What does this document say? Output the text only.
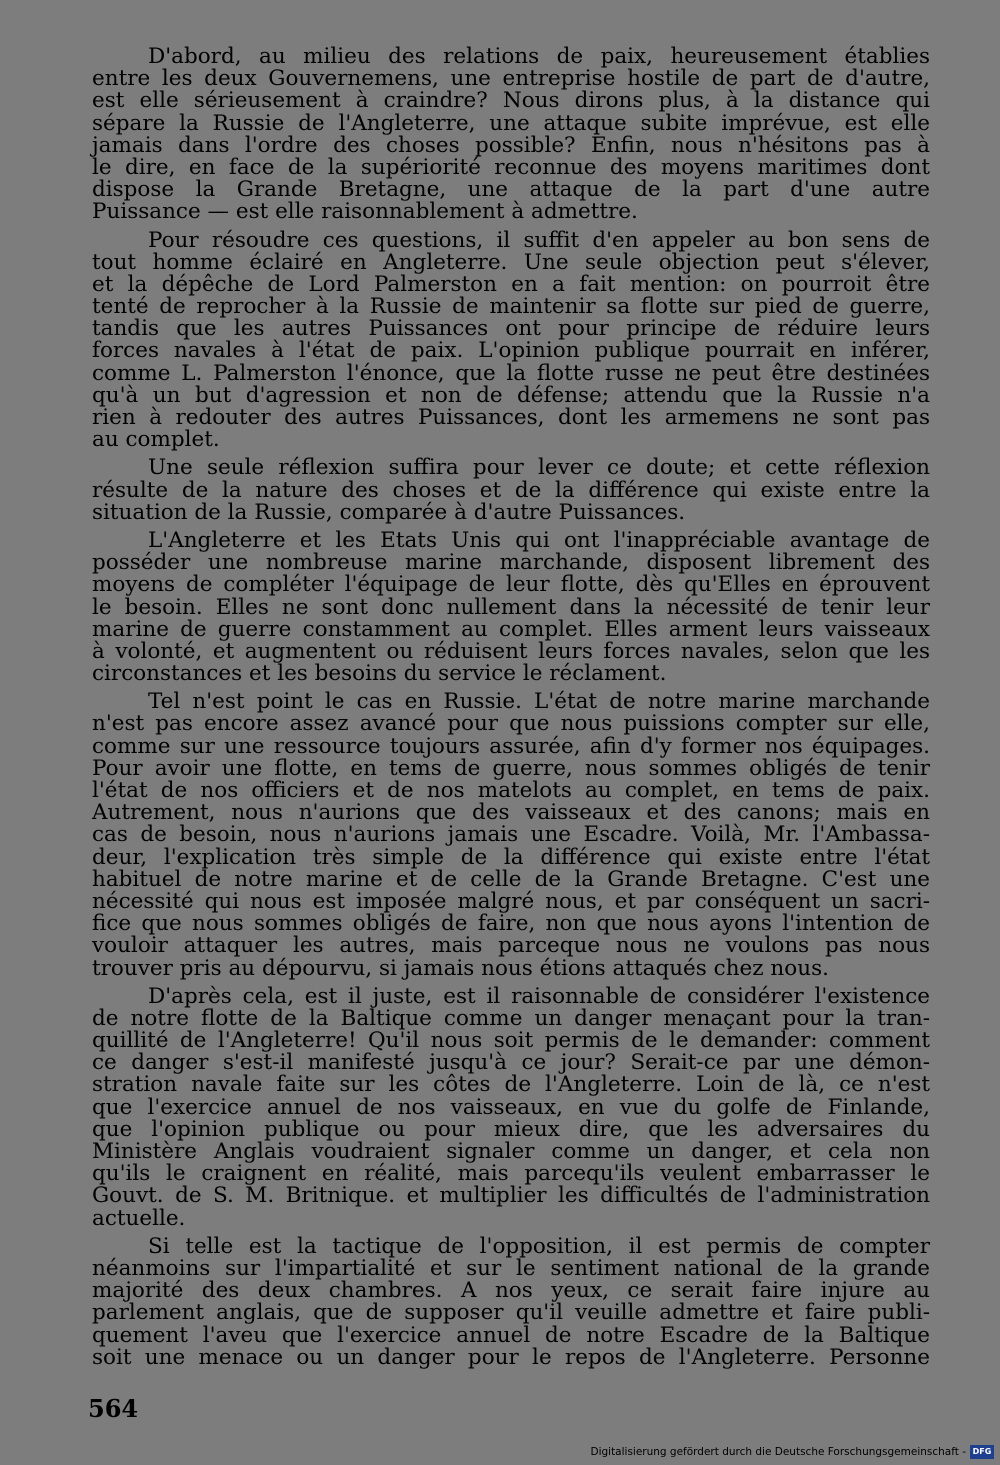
D'abord, au milieu des relations de paix, heureusement établies
entre les deux Gouvernemens, une entreprise hostile de part de d'autre,
est elle sérieusement à craindre? Nous dirons plus, à la distance qui
sépare la Russie de l'Angleterre, une attaque subite imprévue, est elle
jamais dans l'ordre des choses possible? Enfin, nous n'hésitons pas à
le dire, en face de la supériorité reconnue des moyens maritimes dont
dispose la Grande Bretagne, une attaque de la part d'une autre
Puissance — est elle raisonnablement à admettre.
Pour résoudre ces questions, il suffit d'en appeler au bon sens de
tout homme éclairé en Angleterre. Une seule objection peut s'élever,
et la dépêche de Lord Palmerston en a fait mention: on pourroit être
tenté de reprocher à la Russie de maintenir sa flotte sur pied de guerre,
tandis que les autres Puissances ont pour principe de réduire leurs
forces navales à l'état de paix. L'opinion publique pourrait en inférer,
comme L. Palmerston l'énonce, que la flotte russe ne peut être destinées
qu'à un but d'agression et non de défense; attendu que la Russie n'a
rien à redouter des autres Puissances, dont les armemens ne sont pas
au complet.
Une seule réflexion suffira pour lever ce doute; et cette réflexion
résulte de la nature des choses et de la différence qui existe entre la
situation de la Russie, comparée à d'autre Puissances.
L'Angleterre et les Etats Unis qui ont l'inappréciable avantage de
posséder une nombreuse marine marchande, disposent librement des
moyens de compléter l'équipage de leur flotte, dès qu'Elles en éprouvent
le besoin. Elles ne sont donc nullement dans la nécessité de tenir leur
marine de guerre constamment au complet. Elles arment leurs vaisseaux
à volonté, et augmentent ou réduisent leurs forces navales, selon que les
circonstances et les besoins du service le réclament.
Tel n'est point le cas en Russie. L'état de notre marine marchande
n'est pas encore assez avancé pour que nous puissions compter sur elle,
comme sur une ressource toujours assurée, afin d'y former nos équipages.
Pour avoir une flotte, en tems de guerre, nous sommes obligés de tenir
l'état de nos officiers et de nos matelots au complet, en tems de paix.
Autrement, nous n'aurions que des vaisseaux et des canons; mais en
cas de besoin, nous n'aurions jamais une Escadre. Voilà, Mr. l'Ambassa-
deur, l'explication très simple de la différence qui existe entre l'état
habituel de notre marine et de celle de la Grande Bretagne. C'est une
nécessité qui nous est imposée malgré nous, et par conséquent un sacri-
fice que nous sommes obligés de faire, non que nous ayons l'intention de
vouloir attaquer les autres, mais parceque nous ne voulons pas nous
trouver pris au dépourvu, si jamais nous étions attaqués chez nous.
D'après cela, est il juste, est il raisonnable de considérer l'existence
de notre flotte de la Baltique comme un danger menaçant pour la tran-
quillité de l'Angleterre! Qu'il nous soit permis de le demander: comment
ce danger s'est-il manifesté jusqu'à ce jour? Serait-ce par une démon-
stration navale faite sur les côtes de l'Angleterre. Loin de là, ce n'est
que l'exercice annuel de nos vaisseaux, en vue du golfe de Finlande,
que l'opinion publique ou pour mieux dire, que les adversaires du
Ministère Anglais voudraient signaler comme un danger, et cela non
qu'ils le craignent en réalité, mais parcequ'ils veulent embarrasser le
Gouvt. de S. M. Britnique. et multiplier les difficultés de l'administration
actuelle.
Si telle est la tactique de l'opposition, il est permis de compter
néanmoins sur l'impartialité et sur le sentiment national de la grande
majorité des deux chambres. A nos yeux, ce serait faire injure au
parlement anglais, que de supposer qu'il veuille admettre et faire publi-
quement l'aveu que l'exercice annuel de notre Escadre de la Baltique
soit une menace ou un danger pour le repos de l'Angleterre. Personne
564
Digitalisierung gefördert durch die Deutsche Forschungsgemeinschaft - DFG
